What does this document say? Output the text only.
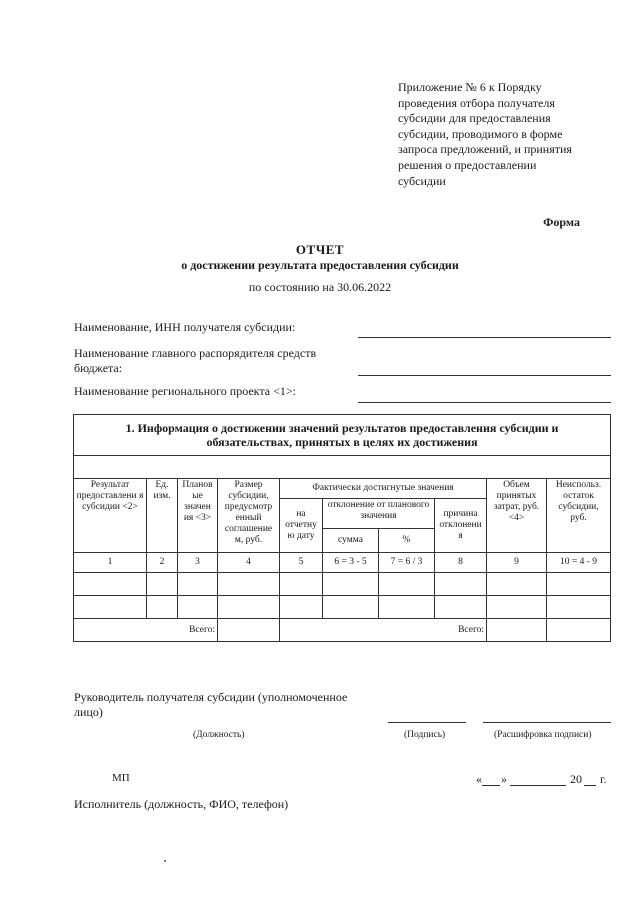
Приложение № 6 к Порядку
проведения отбора получателя
субсидии для предоставления
субсидии, проводимого в форме
запроса предложений, и принятия
решения о предоставлении
субсидии
Форма
ОТЧЕТ
о достижении результата предоставления субсидии
по состоянию на 30.06.2022
Наименование, ИНН получателя субсидии:
Наименование главного распорядителя средств
бюджета:
Наименование регионального проекта <1>:
1. Информация о достижении значений результатов предоставления субсидии и обязательствах, принятых в целях их достижения									

Результат предоставлени я субсидии <2>	Ед. изм.	Планов ые значен ия <3>	Размер субсидии, предусмотр енный соглашение м, руб.	Фактически достигнутые значения				Объем принятых затрат, руб. <4>	Неиспольз. остаток субсидии, руб.
				на отчетну ю дату	отклонение от планового значения		причина отклонени я		
					сумма	%			
1	2	3	4	5	6 = 3 - 5	7 = 6 / 3	8	9	10 = 4 - 9

Всего:				Всего:					
Руководитель получателя субсидии (уполномоченное
лицо)
(Должность)	(Подпись)	(Расшифровка подписи)
МП	« »	20 г.
Исполнитель (должность, ФИО, телефон)
